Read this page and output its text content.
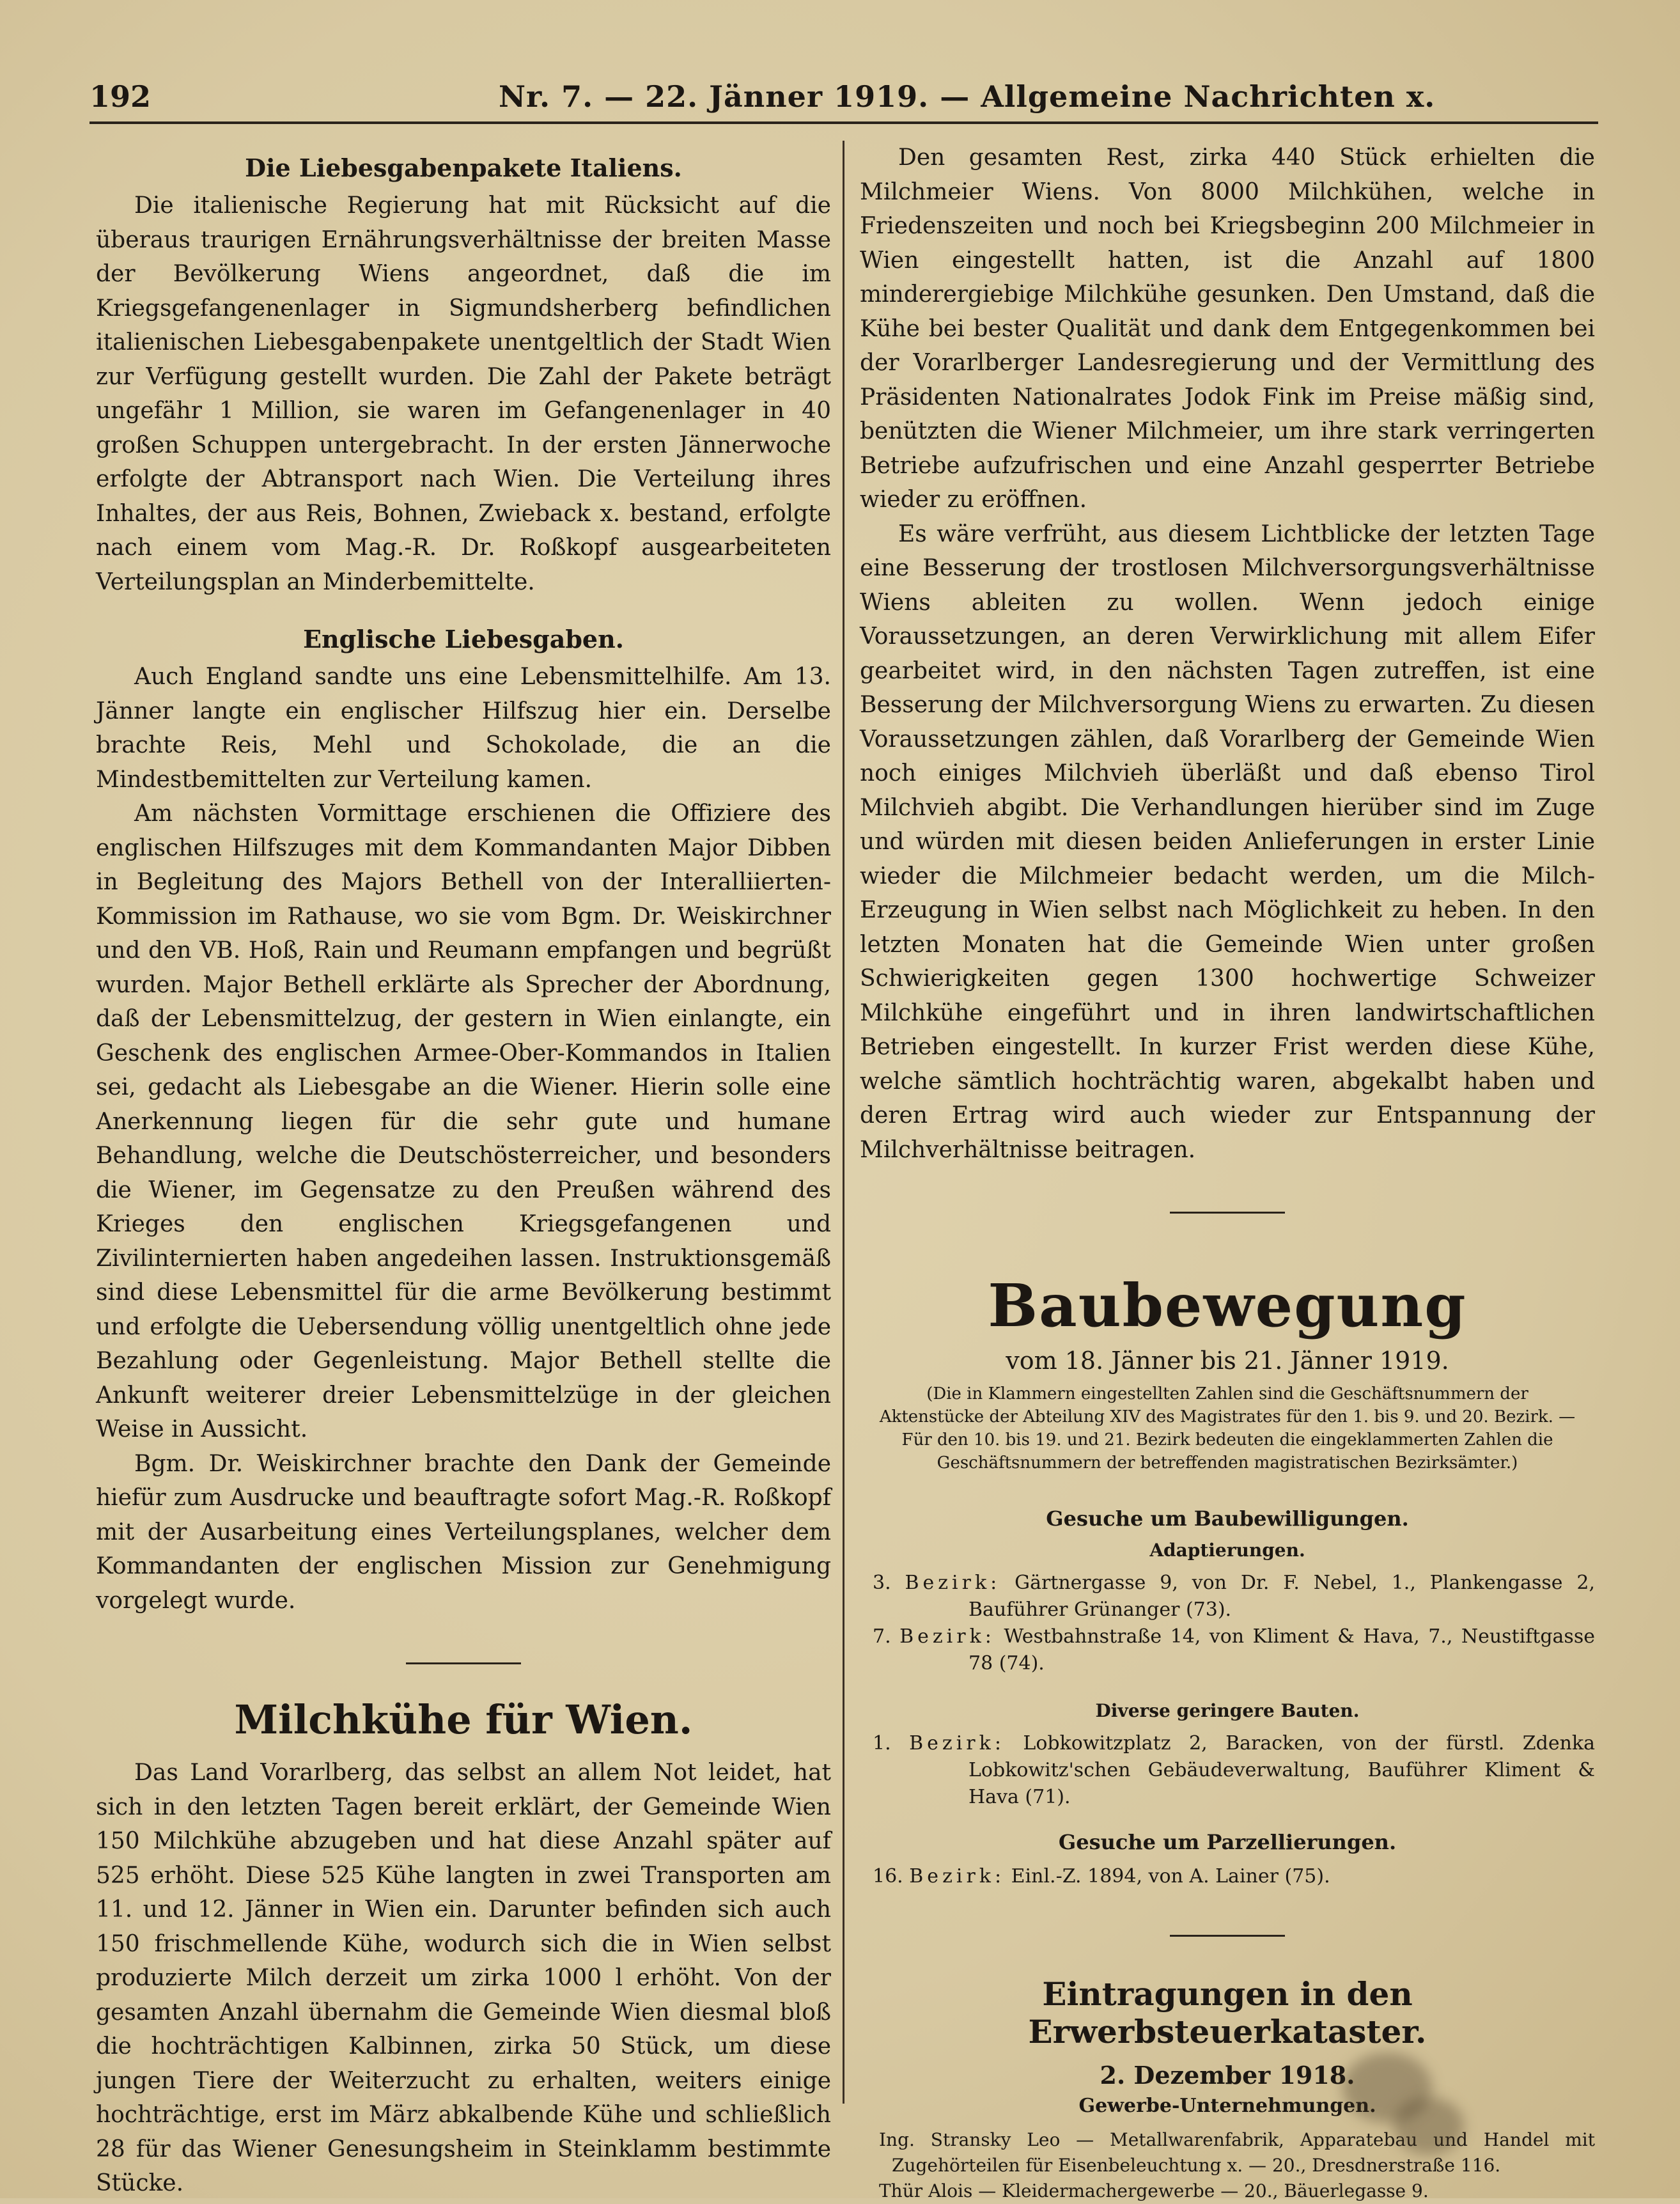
192	Nr. 7. — 22. Jänner 1919. — Allgemeine Nachrichten x.
Die Liebesgabenpakete Italiens.

Die italienische Regierung hat mit Rücksicht auf die überaus traurigen Ernährungsverhältnisse der breiten Masse der Bevölkerung Wiens angeordnet, daß die im Kriegsgefangenenlager in Sigmundsherberg befindlichen italienischen Liebesgabenpakete unentgeltlich der Stadt Wien zur Verfügung gestellt wurden. Die Zahl der Pakete beträgt ungefähr 1 Million, sie waren im Gefangenenlager in 40 großen Schuppen untergebracht. In der ersten Jännerwoche erfolgte der Abtransport nach Wien. Die Verteilung ihres Inhaltes, der aus Reis, Bohnen, Zwieback x. bestand, erfolgte nach einem vom Mag.-R. Dr. Roßkopf ausgearbeiteten Verteilungsplan an Minderbemittelte.

Englische Liebesgaben.

Auch England sandte uns eine Lebensmittelhilfe. Am 13. Jänner langte ein englischer Hilfszug hier ein. Derselbe brachte Reis, Mehl und Schokolade, die an die Mindestbemittelten zur Verteilung kamen.

Am nächsten Vormittage erschienen die Offiziere des englischen Hilfszuges mit dem Kommandanten Major Dibben in Begleitung des Majors Bethell von der Interalliierten-Kommission im Rathause, wo sie vom Bgm. Dr. Weiskirchner und den VB. Hoß, Rain und Reumann empfangen und begrüßt wurden. Major Bethell erklärte als Sprecher der Abordnung, daß der Lebensmittelzug, der gestern in Wien einlangte, ein Geschenk des englischen Armee-Ober-Kommandos in Italien sei, gedacht als Liebesgabe an die Wiener. Hierin solle eine Anerkennung liegen für die sehr gute und humane Behandlung, welche die Deutschösterreicher, und besonders die Wiener, im Gegensatze zu den Preußen während des Krieges den englischen Kriegsgefangenen und Zivilinternierten haben angedeihen lassen. Instruktionsgemäß sind diese Lebensmittel für die arme Bevölkerung bestimmt und erfolgte die Uebersendung völlig unentgeltlich ohne jede Bezahlung oder Gegenleistung. Major Bethell stellte die Ankunft weiterer dreier Lebensmittelzüge in der gleichen Weise in Aussicht.

Bgm. Dr. Weiskirchner brachte den Dank der Gemeinde hiefür zum Ausdrucke und beauftragte sofort Mag.-R. Roßkopf mit der Ausarbeitung eines Verteilungsplanes, welcher dem Kommandanten der englischen Mission zur Genehmigung vorgelegt wurde.

Milchkühe für Wien.

Das Land Vorarlberg, das selbst an allem Not leidet, hat sich in den letzten Tagen bereit erklärt, der Gemeinde Wien 150 Milchkühe abzugeben und hat diese Anzahl später auf 525 erhöht. Diese 525 Kühe langten in zwei Transporten am 11. und 12. Jänner in Wien ein. Darunter befinden sich auch 150 frischmellende Kühe, wodurch sich die in Wien selbst produzierte Milch derzeit um zirka 1000 l erhöht. Von der gesamten Anzahl übernahm die Gemeinde Wien diesmal bloß die hochträchtigen Kalbinnen, zirka 50 Stück, um diese jungen Tiere der Weiterzucht zu erhalten, weiters einige hochträchtige, erst im März abkalbende Kühe und schließlich 28 für das Wiener Genesungsheim in Steinklamm bestimmte Stücke.

Den gesamten Rest, zirka 440 Stück erhielten die Milchmeier Wiens. Von 8000 Milchkühen, welche in Friedenszeiten und noch bei Kriegsbeginn 200 Milchmeier in Wien eingestellt hatten, ist die Anzahl auf 1800 minderergiebige Milchkühe gesunken. Den Umstand, daß die Kühe bei bester Qualität und dank dem Entgegenkommen bei der Vorarlberger Landesregierung und der Vermittlung des Präsidenten Nationalrates Jodok Fink im Preise mäßig sind, benützten die Wiener Milchmeier, um ihre stark verringerten Betriebe aufzufrischen und eine Anzahl gesperrter Betriebe wieder zu eröffnen.

Es wäre verfrüht, aus diesem Lichtblicke der letzten Tage eine Besserung der trostlosen Milchversorgungsverhältnisse Wiens ableiten zu wollen. Wenn jedoch einige Voraussetzungen, an deren Verwirklichung mit allem Eifer gearbeitet wird, in den nächsten Tagen zutreffen, ist eine Besserung der Milchversorgung Wiens zu erwarten. Zu diesen Voraussetzungen zählen, daß Vorarlberg der Gemeinde Wien noch einiges Milchvieh überläßt und daß ebenso Tirol Milchvieh abgibt. Die Verhandlungen hierüber sind im Zuge und würden mit diesen beiden Anlieferungen in erster Linie wieder die Milchmeier bedacht werden, um die Milch-Erzeugung in Wien selbst nach Möglichkeit zu heben. In den letzten Monaten hat die Gemeinde Wien unter großen Schwierigkeiten gegen 1300 hochwertige Schweizer Milchkühe eingeführt und in ihren landwirtschaftlichen Betrieben eingestellt. In kurzer Frist werden diese Kühe, welche sämtlich hochträchtig waren, abgekalbt haben und deren Ertrag wird auch wieder zur Entspannung der Milchverhältnisse beitragen.

Baubewegung

vom 18. Jänner bis 21. Jänner 1919.

(Die in Klammern eingestellten Zahlen sind die Geschäftsnummern der Aktenstücke der Abteilung XIV des Magistrates für den 1. bis 9. und 20. Bezirk. — Für den 10. bis 19. und 21. Bezirk bedeuten die eingeklammerten Zahlen die Geschäftsnummern der betreffenden magistratischen Bezirksämter.)

Gesuche um Baubewilligungen.

Adaptierungen.

3. Bezirk: Gärtnergasse 9, von Dr. F. Nebel, 1., Plankengasse 2, Bauführer Grünanger (73).

7. Bezirk: Westbahnstraße 14, von Kliment & Hava, 7., Neustiftgasse 78 (74).

Diverse geringere Bauten.

1. Bezirk: Lobkowitzplatz 2, Baracken, von der fürstl. Zdenka Lobkowitz'schen Gebäudeverwaltung, Bauführer Kliment & Hava (71).

Gesuche um Parzellierungen.

16. Bezirk: Einl.-Z. 1894, von A. Lainer (75).

Eintragungen in den Erwerbsteuerkataster.

2. Dezember 1918.

Gewerbe-Unternehmungen.

Ing. Stransky Leo — Metallwarenfabrik, Apparatebau und Handel mit Zugehörteilen für Eisenbeleuchtung x. — 20., Dresdnerstraße 116.

Thür Alois — Kleidermachergewerbe — 20., Bäuerlegasse 9.
